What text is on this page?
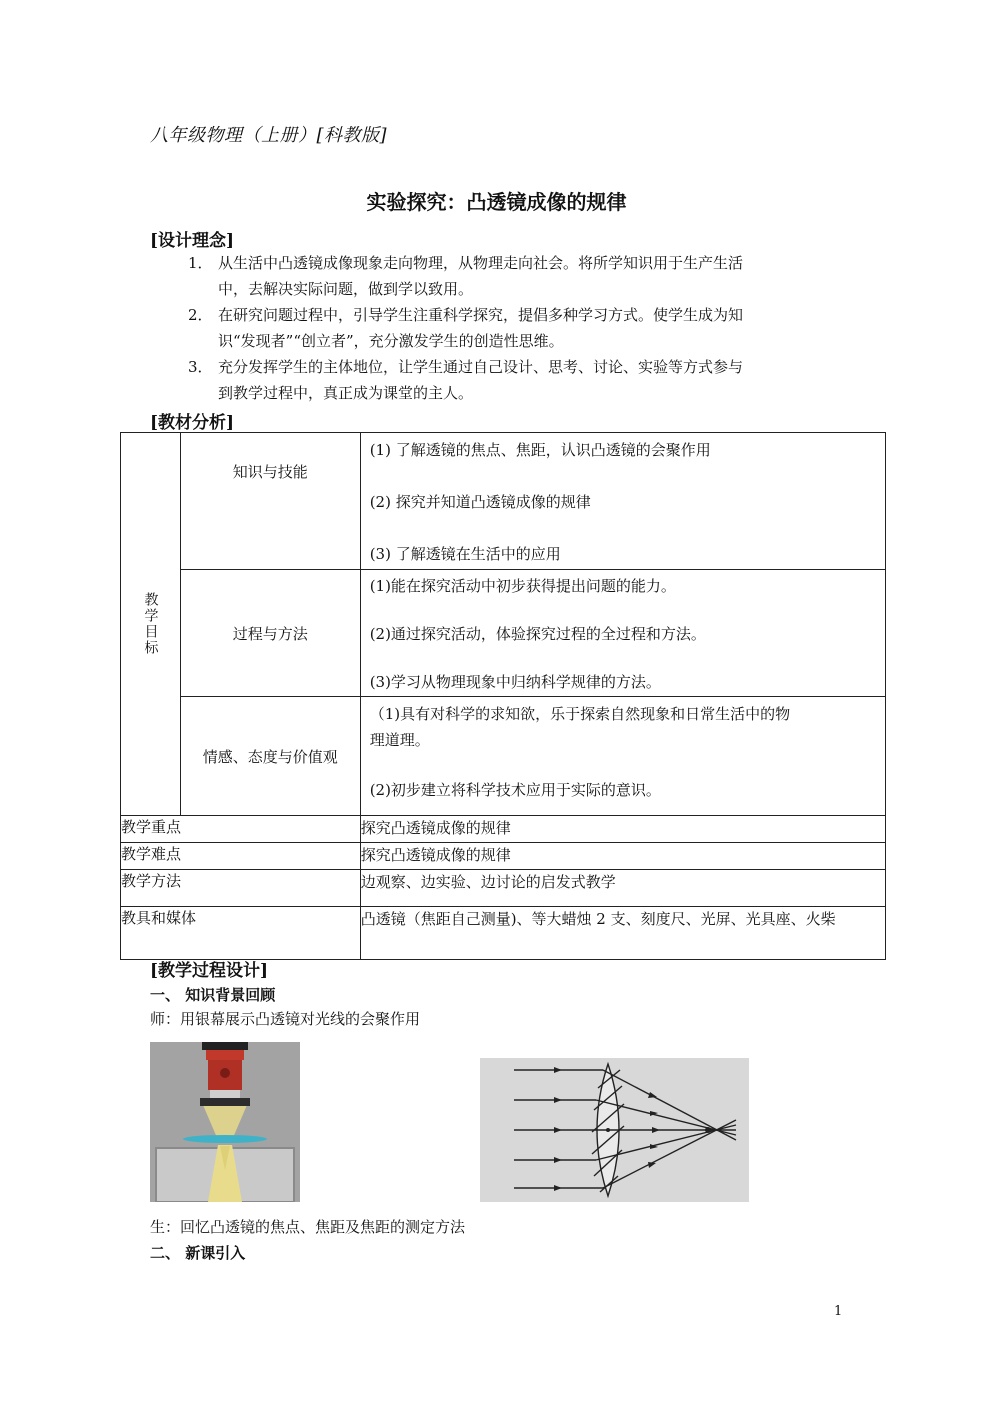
八年级物理（上册）[科教版]
实验探究：凸透镜成像的规律
[设计理念]
1． 从生活中凸透镜成像现象走向物理，从物理走向社会。将所学知识用于生产生活
中，去解决实际问题，做到学以致用。
2． 在研究问题过程中，引导学生注重科学探究，提倡多种学习方式。使学生成为知
识“发现者”“创立者”，充分激发学生的创造性思维。
3． 充分发挥学生的主体地位，让学生通过自己设计、思考、讨论、实验等方式参与
到教学过程中，真正成为课堂的主人。
[教材分析]
教学目标	知识与技能	(1) 了解透镜的焦点、焦距，认识凸透镜的会聚作用

(2) 探究并知道凸透镜成像的规律

(3) 了解透镜在生活中的应用

	过程与方法	(1)能在探究活动中初步获得提出问题的能力。

(2)通过探究活动，体验探究过程的全过程和方法。

(3)学习从物理现象中归纳科学规律的方法。

	情感、态度与价值观	（1)具有对科学的求知欲，乐于探索自然现象和日常生活中的物

理道理。

(2)初步建立将科学技术应用于实际的意识。

教学重点		探究凸透镜成像的规律
教学难点		探究凸透镜成像的规律
教学方法		边观察、边实验、边讨论的启发式教学
教具和媒体		凸透镜（焦距自己测量)、等大蜡烛 2 支、刻度尺、光屏、光具座、火柴
[教学过程设计]
一、 知识背景回顾
师：用银幕展示凸透镜对光线的会聚作用
生：回忆凸透镜的焦点、焦距及焦距的测定方法
二、 新课引入
1
